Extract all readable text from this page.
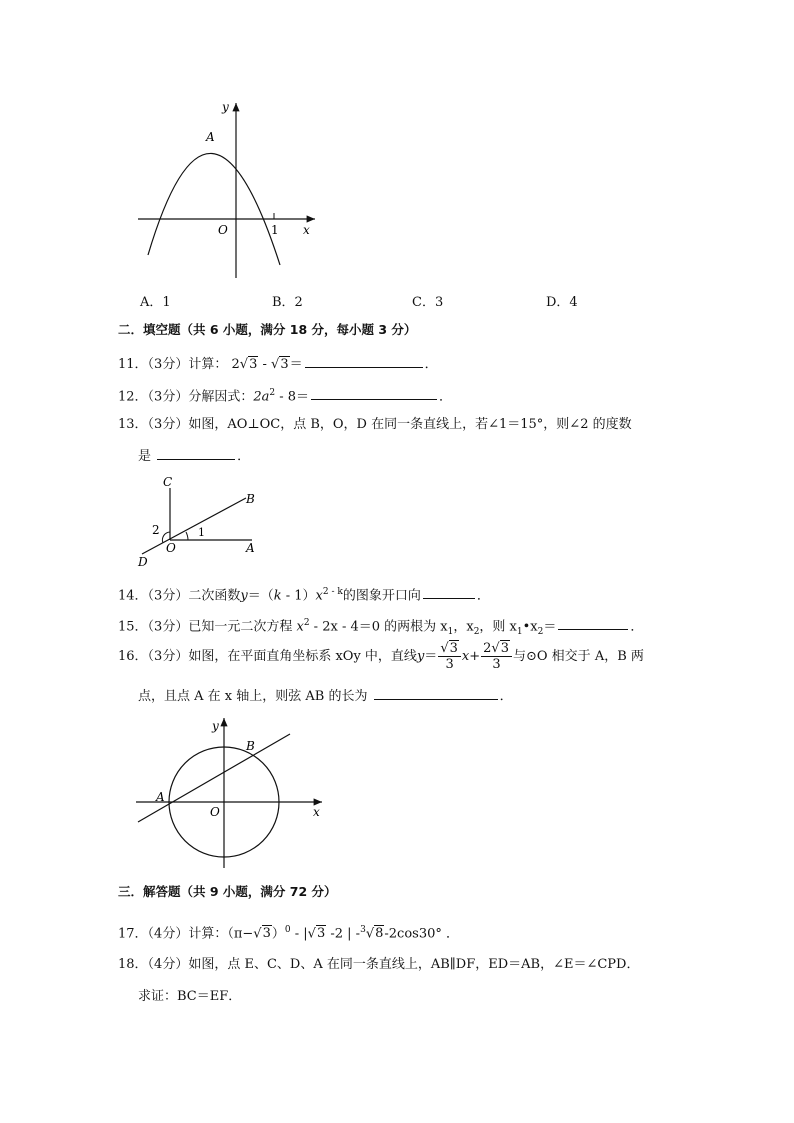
y
A
O	1 x
A．1	B．2	C．3	D．4
二．填空题（共 6 小题，满分 18 分，每小题 3 分）
11．（3分）计算： 2√3 - √3＝	．
12．（3分）分解因式：$2a^2 - 8=$	．
13．（3分）如图，AO⊥OC，点 B，O，D 在同一条直线上，若∠1＝15°，则∠2 的度数
是	．
C
B
2	1
O	A
D
14．（3分）二次函数$y=(k - 1)x^{2 - k}$的图象开口向	．
15．（3分）已知一元二次方程 $x^2 - 2x - 4=0$ 的两根为 $x_1$，$x_2$，则 $x_1•x_2=$	．
16．（3分）如图，在平面直角坐标系 xOy 中，直线$y= \frac{√3}{3} x+ \frac{2√3}{3}$ 与⊙O 相交于 A，B 两
点，且点 A 在 x 轴上，则弦 AB 的长为	．
y
B
A
O	x
三．解答题（共 9 小题，满分 72 分）
17．（4分）计算：$(\pi-√3)^0 - |√3$ -2 | -$^3$√8-2cos30° ．
18．（4分）如图，点 E、C、D、A 在同一条直线上，AB∥DF，ED＝AB，∠E＝∠CPD．
求证：BC＝EF．
